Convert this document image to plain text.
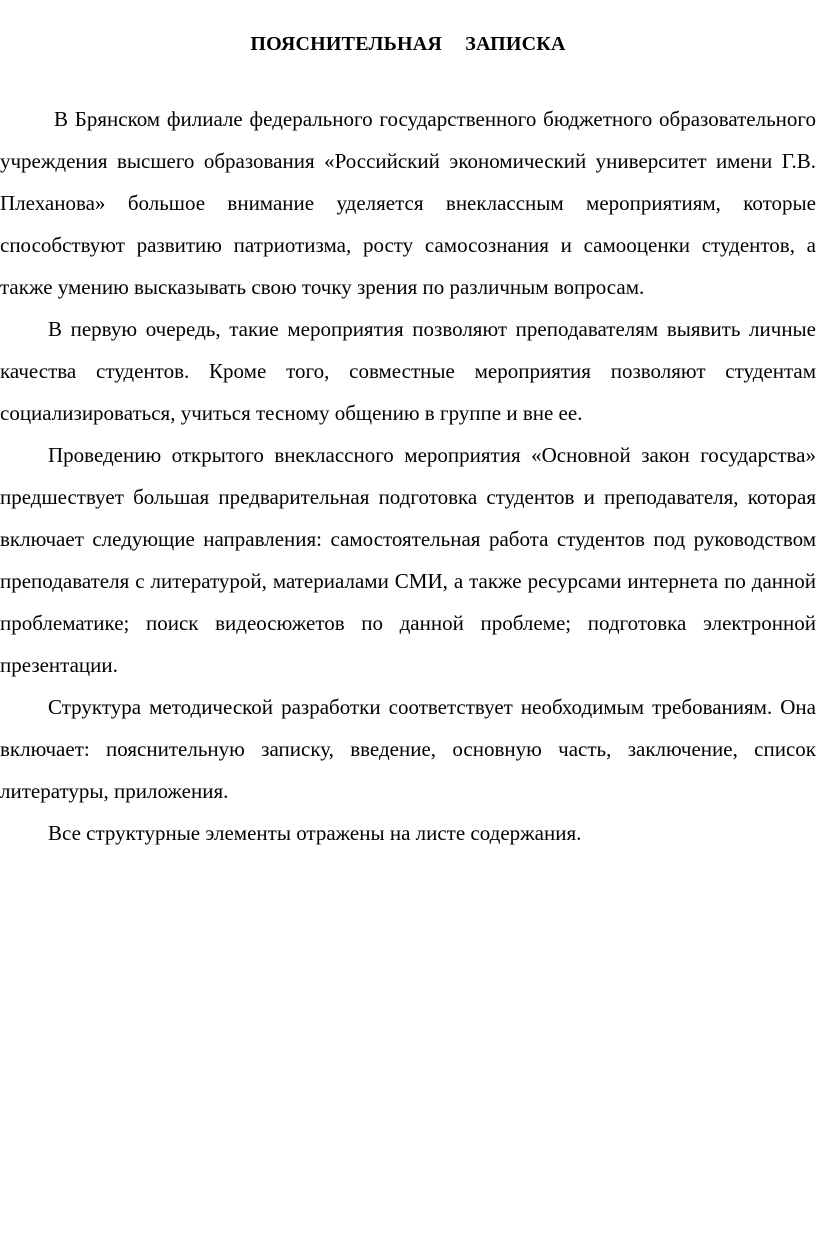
ПОЯСНИТЕЛЬНАЯ ЗАПИСКА

В Брянском филиале федерального государственного бюджетного образовательного учреждения высшего образования «Российский экономический университет имени Г.В. Плеханова» большое внимание уделяется внеклассным мероприятиям, которые способствуют развитию патриотизма, росту самосознания и самооценки студентов, а также умению высказывать свою точку зрения по различным вопросам.

В первую очередь, такие мероприятия позволяют преподавателям выявить личные качества студентов. Кроме того, совместные мероприятия позволяют студентам социализироваться, учиться тесному общению в группе и вне ее.

Проведению открытого внеклассного мероприятия «Основной закон государства» предшествует большая предварительная подготовка студентов и преподавателя, которая включает следующие направления: самостоятельная работа студентов под руководством преподавателя с литературой, материалами СМИ, а также ресурсами интернета по данной проблематике; поиск видеосюжетов по данной проблеме; подготовка электронной презентации.

Структура методической разработки соответствует необходимым требованиям. Она включает: пояснительную записку, введение, основную часть, заключение, список литературы, приложения.

Все структурные элементы отражены на листе содержания.
